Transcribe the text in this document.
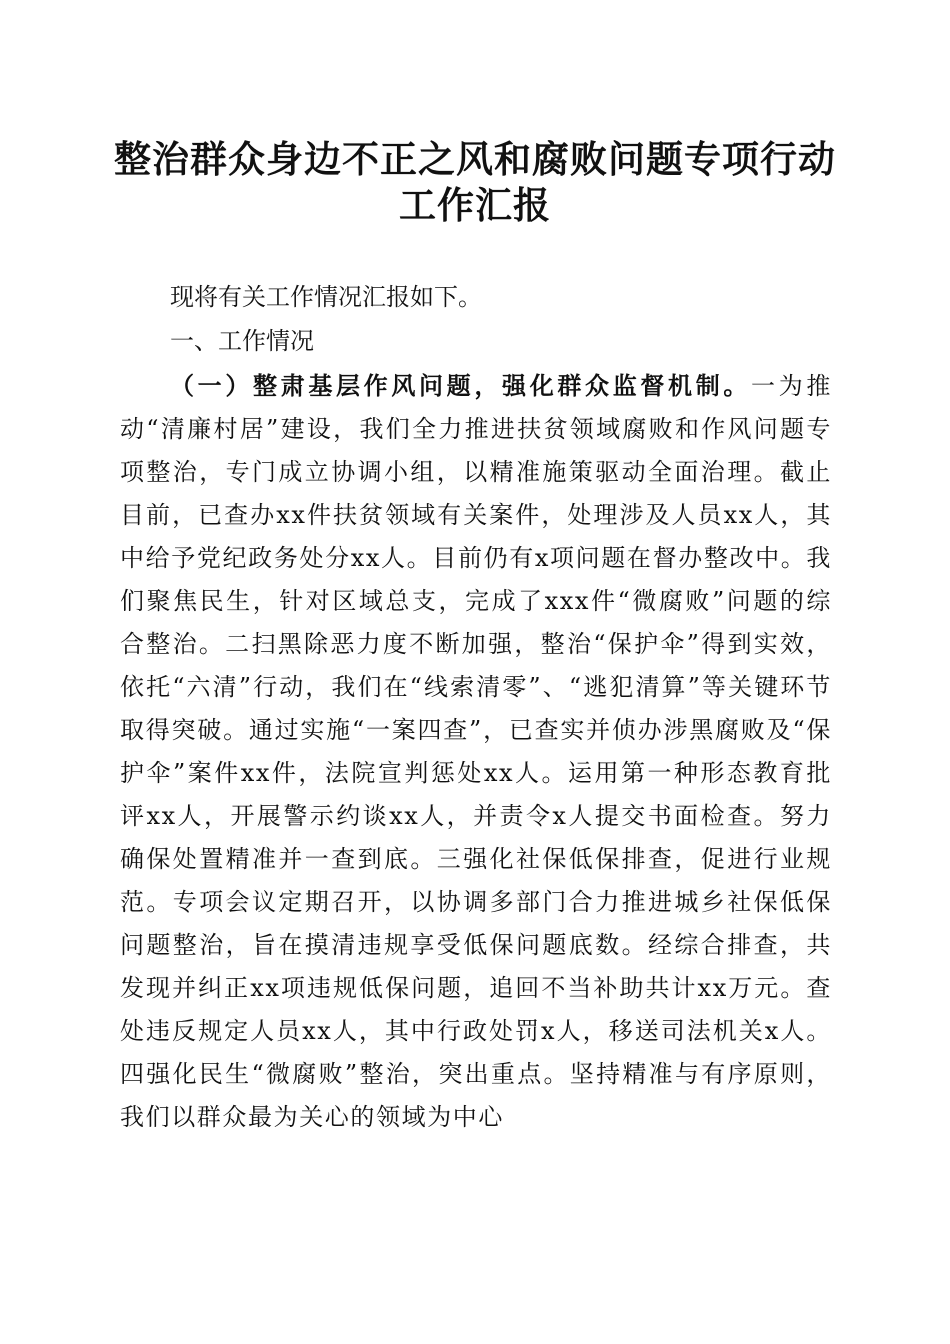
整治群众身边不正之风和腐败问题专项行动工作汇报

现将有关工作情况汇报如下。

一、工作情况

（一）整肃基层作风问题，强化群众监督机制。一为推动“清廉村居”建设，我们全力推进扶贫领域腐败和作风问题专项整治，专门成立协调小组，以精准施策驱动全面治理。截止目前，已查办xx件扶贫领域有关案件，处理涉及人员xx人，其中给予党纪政务处分xx人。目前仍有x项问题在督办整改中。我们聚焦民生，针对区域总支，完成了xxx件“微腐败”问题的综合整治。二扫黑除恶力度不断加强，整治“保护伞”得到实效，依托“六清”行动，我们在“线索清零”、“逃犯清算”等关键环节取得突破。通过实施“一案四查”，已查实并侦办涉黑腐败及“保护伞”案件xx件，法院宣判惩处xx人。运用第一种形态教育批评xx人，开展警示约谈xx人，并责令x人提交书面检查。努力确保处置精准并一查到底。三强化社保低保排查，促进行业规范。专项会议定期召开，以协调多部门合力推进城乡社保低保问题整治，旨在摸清违规享受低保问题底数。经综合排查，共发现并纠正xx项违规低保问题，追回不当补助共计xx万元。查处违反规定人员xx人，其中行政处罚x人，移送司法机关x人。四强化民生“微腐败”整治，突出重点。坚持精准与有序原则，我们以群众最为关心的领域为中心
